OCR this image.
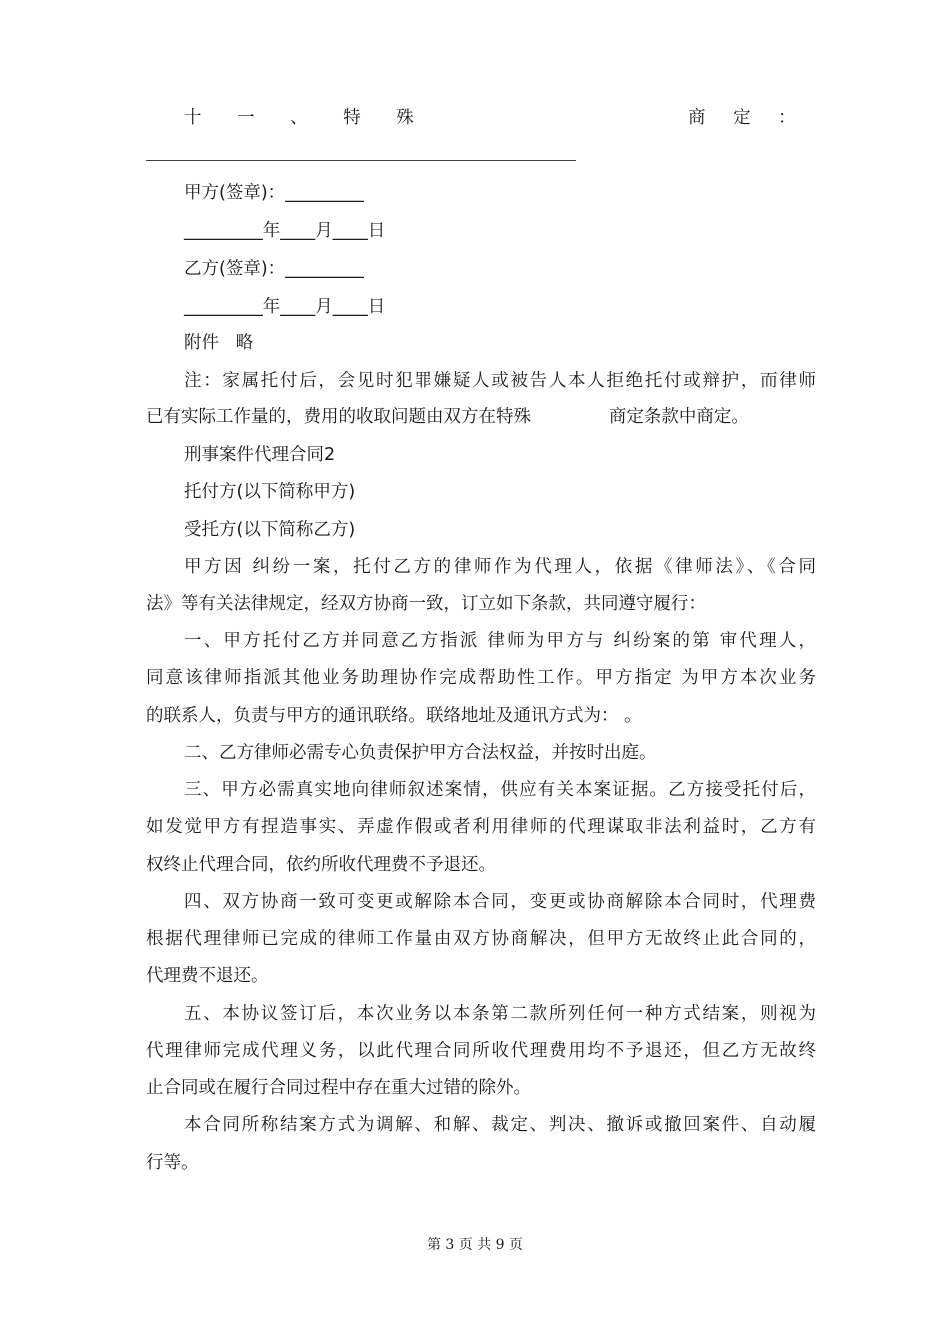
十 一 、 特 殊	商 定 ：
甲方(签章)：_________
_________年____月____日
乙方(签章)：_________
_________年____月____日
附件   略
注：家属托付后，会见时犯罪嫌疑人或被告人本人拒绝托付或辩护，而律师
已有实际工作量的，费用的收取问题由双方在特殊              商定条款中商定。
刑事案件代理合同2
托付方(以下简称甲方)
受托方(以下简称乙方)
甲方因 纠纷一案，托付乙方的律师作为代理人，依据《律师法》、《合同
法》等有关法律规定，经双方协商一致，订立如下条款，共同遵守履行：
一、甲方托付乙方并同意乙方指派 律师为甲方与 纠纷案的第 审代理人，
同意该律师指派其他业务助理协作完成帮助性工作。甲方指定 为甲方本次业务
的联系人，负责与甲方的通讯联络。联络地址及通讯方式为： 。
二、乙方律师必需专心负责保护甲方合法权益，并按时出庭。
三、甲方必需真实地向律师叙述案情，供应有关本案证据。乙方接受托付后，
如发觉甲方有捏造事实、弄虚作假或者利用律师的代理谋取非法利益时，乙方有
权终止代理合同，依约所收代理费不予退还。
四、双方协商一致可变更或解除本合同，变更或协商解除本合同时，代理费
根据代理律师已完成的律师工作量由双方协商解决，但甲方无故终止此合同的，
代理费不退还。
五、本协议签订后，本次业务以本条第二款所列任何一种方式结案，则视为
代理律师完成代理义务，以此代理合同所收代理费用均不予退还，但乙方无故终
止合同或在履行合同过程中存在重大过错的除外。
本合同所称结案方式为调解、和解、裁定、判决、撤诉或撤回案件、自动履
行等。
第 3 页 共 9 页
